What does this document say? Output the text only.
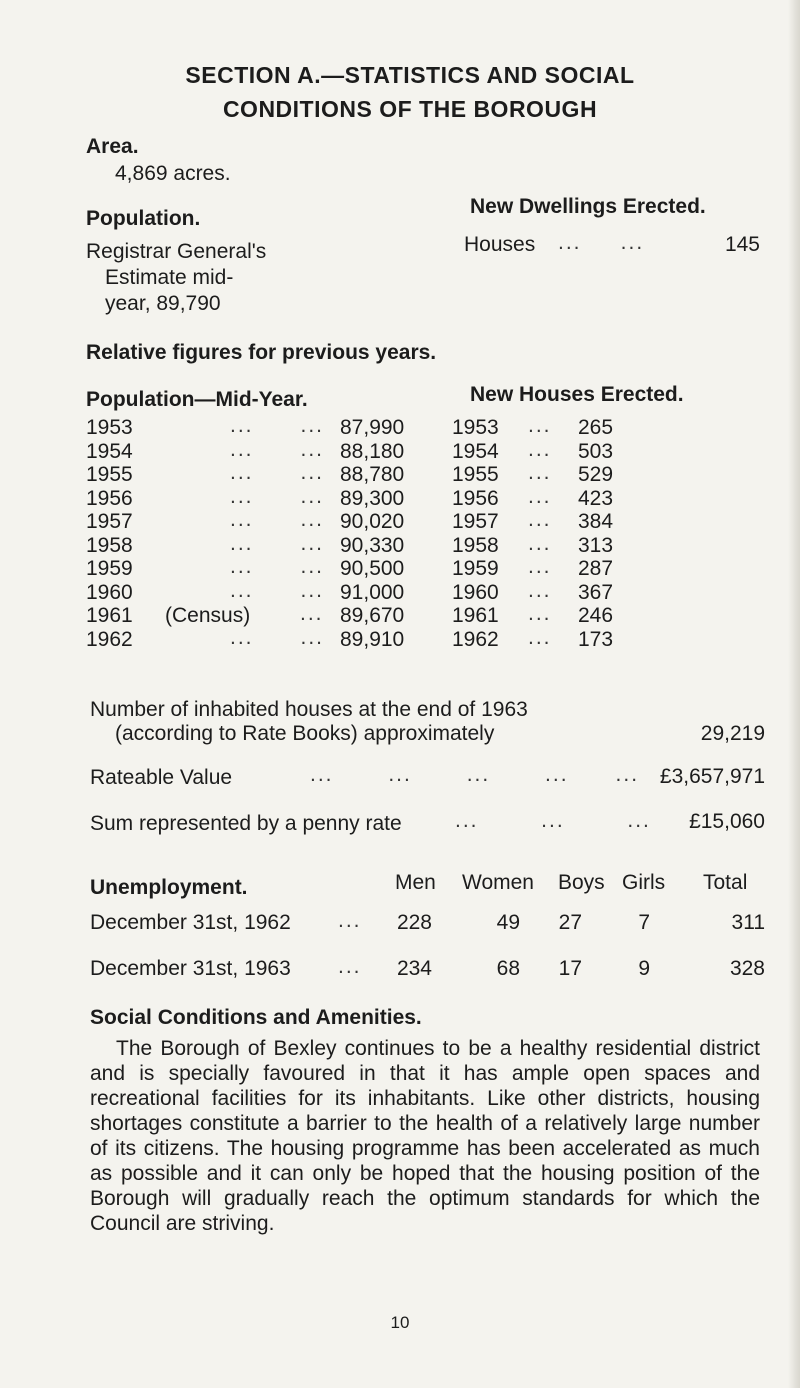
SECTION A.—STATISTICS AND SOCIAL
CONDITIONS OF THE BOROUGH
Area.
4,869 acres.
Population.
Registrar General's
Estimate mid-
year, 89,790
New Dwellings Erected.
Houses ...     ...	145
Relative figures for previous years.
Population—Mid-Year.	New Houses Erected.
1953	...      ... 87,990 1953 ... 265
1954	...      ... 88,180 1954 ... 503
1955	...      ... 88,780 1955 ... 529
1956	...      ... 89,300 1956 ... 423
1957	...      ... 90,020 1957 ... 384
1958	...      ... 90,330 1958 ... 313
1959	...      ... 90,500 1959 ... 287
1960	...      ... 91,000 1960 ... 367
1961 (Census) ... 89,670 1961 ... 246
1962	...      ... 89,910 1962 ... 173
Number of inhabited houses at the end of 1963
(according to Rate Books) approximately	29,219
Rateable Value	...       ...       ...       ...      ... £3,657,971
Sum represented by a penny rate	...        ...        ...	£15,060
Unemployment.	Men Women Boys Girls Total
December 31st, 1962 ...	228	49	27	7	311
December 31st, 1963 ...	234	68	17	9	328
Social Conditions and Amenities.

The Borough of Bexley continues to be a healthy residential district and is specially favoured in that it has ample open spaces and recreational facilities for its inhabitants. Like other districts, housing shortages constitute a barrier to the health of a relatively large number of its citizens. The housing programme has been accelerated as much as possible and it can only be hoped that the housing position of the Borough will gradually reach the optimum standards for which the Council are striving.

10
